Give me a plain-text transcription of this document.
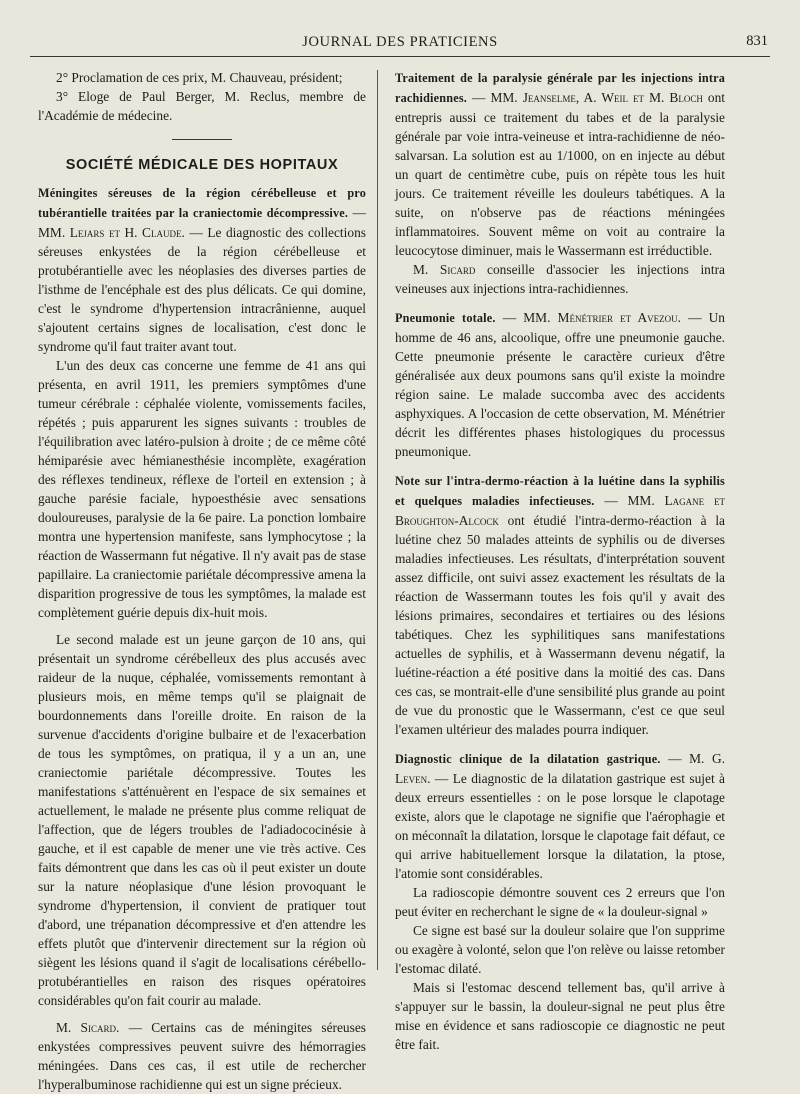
JOURNAL DES PRATICIENS	831

2° Proclamation de ces prix, M. Chauveau, président;

3° Eloge de Paul Berger, M. Reclus, membre de l'Académie de médecine.

SOCIÉTÉ MÉDICALE DES HOPITAUX

Méningites séreuses de la région cérébelleuse et pro tubérantielle traitées par la craniectomie décompressive. — MM. Lejars et H. Claude. — Le diagnostic des collections séreuses enkystées de la région cérébelleuse et protubérantielle avec les néoplasies des diverses parties de l'isthme de l'encéphale est des plus délicats. Ce qui domine, c'est le syndrome d'hypertension intracrânienne, auquel s'ajoutent certains signes de localisation, c'est donc le syndrome qu'il faut traiter avant tout.

L'un des deux cas concerne une femme de 41 ans qui présenta, en avril 1911, les premiers symptômes d'une tumeur cérébrale : céphalée violente, vomissements faciles, répétés ; puis apparurent les signes suivants : troubles de l'équilibration avec latéro-pulsion à droite ; de ce même côté hémiparésie avec hémianesthésie incomplète, exagération des réflexes tendineux, réflexe de l'orteil en extension ; à gauche parésie faciale, hypoesthésie avec sensations douloureuses, paralysie de la 6e paire. La ponction lombaire montra une hypertension manifeste, sans lymphocytose ; la réaction de Wassermann fut négative. Il n'y avait pas de stase papillaire. La craniectomie pariétale décompressive amena la disparition progressive de tous les symptômes, la malade est complètement guérie depuis dix-huit mois.

Le second malade est un jeune garçon de 10 ans, qui présentait un syndrome cérébelleux des plus accusés avec raideur de la nuque, céphalée, vomissements remontant à plusieurs mois, en même temps qu'il se plaignait de bourdonnements dans l'oreille droite. En raison de la survenue d'accidents d'origine bulbaire et de l'exacerbation de tous les symptômes, on pratiqua, il y a un an, une craniectomie pariétale décompressive. Toutes les manifestations s'atténuèrent en l'espace de six semaines et actuellement, le malade ne présente plus comme reliquat de l'affection, que de légers troubles de l'adiadococinésie à gauche, et il est capable de mener une vie très active. Ces faits démontrent que dans les cas où il peut exister un doute sur la nature néoplasique d'une lésion provoquant le syndrome d'hypertension, il convient de pratiquer tout d'abord, une trépanation décompressive et d'en attendre les effets plutôt que d'intervenir directement sur la région où siègent les lésions quand il s'agit de localisations cérébello-protubérantielles en raison des risques opératoires considérables qu'on fait courir au malade.

M. Sicard. — Certains cas de méningites séreuses enkystées compressives peuvent suivre des hémorragies méningées. Dans ces cas, il est utile de rechercher l'hyperalbuminose rachidienne qui est un signe précieux.

Traitement de la paralysie générale par les injections intra rachidiennes. — MM. Jeanselme, A. Weil et M. Bloch ont entrepris aussi ce traitement du tabes et de la paralysie générale par voie intra-veineuse et intra-rachidienne de néo-salvarsan. La solution est au 1/1000, on en injecte au début un quart de centimètre cube, puis on répète tous les huit jours. Ce traitement réveille les douleurs tabétiques. A la suite, on n'observe pas de réactions méningées inflammatoires. Souvent même on voit au contraire la leucocytose diminuer, mais le Wassermann est irréductible.

M. Sicard conseille d'associer les injections intra veineuses aux injections intra-rachidiennes.

Pneumonie totale. — MM. Ménétrier et Avezou. — Un homme de 46 ans, alcoolique, offre une pneumonie gauche. Cette pneumonie présente le caractère curieux d'être généralisée aux deux poumons sans qu'il existe la moindre région saine. Le malade succomba avec des accidents asphyxiques. A l'occasion de cette observation, M. Ménétrier décrit les différentes phases histologiques du processus pneumonique.

Note sur l'intra-dermo-réaction à la luétine dans la syphilis et quelques maladies infectieuses. — MM. Lagane et Broughton-Alcock ont étudié l'intra-dermo-réaction à la luétine chez 50 malades atteints de syphilis ou de diverses maladies infectieuses. Les résultats, d'interprétation souvent assez difficile, ont suivi assez exactement les résultats de la réaction de Wassermann toutes les fois qu'il y avait des lésions primaires, secondaires et tertiaires ou des lésions tabétiques. Chez les syphilitiques sans manifestations actuelles de syphilis, et à Wassermann devenu négatif, la luétine-réaction a été positive dans la moitié des cas. Dans ces cas, se montrait-elle d'une sensibilité plus grande au point de vue du pronostic que le Wassermann, c'est ce que seul l'examen ultérieur des malades pourra indiquer.

Diagnostic clinique de la dilatation gastrique. — M. G. Leven. — Le diagnostic de la dilatation gastrique est sujet à deux erreurs essentielles : on le pose lorsque le clapotage existe, alors que le clapotage ne signifie que l'aérophagie et on méconnaît la dilatation, lorsque le clapotage fait défaut, ce qui arrive habituellement lorsque la dilatation, la ptose, l'atomie sont considérables.

La radioscopie démontre souvent ces 2 erreurs que l'on peut éviter en recherchant le signe de « la douleur-signal »

Ce signe est basé sur la douleur solaire que l'on supprime ou exagère à volonté, selon que l'on relève ou laisse retomber l'estomac dilaté.

Mais si l'estomac descend tellement bas, qu'il arrive à s'appuyer sur le bassin, la douleur-signal ne peut plus être mise en évidence et sans radioscopie ce diagnostic ne peut être fait.
